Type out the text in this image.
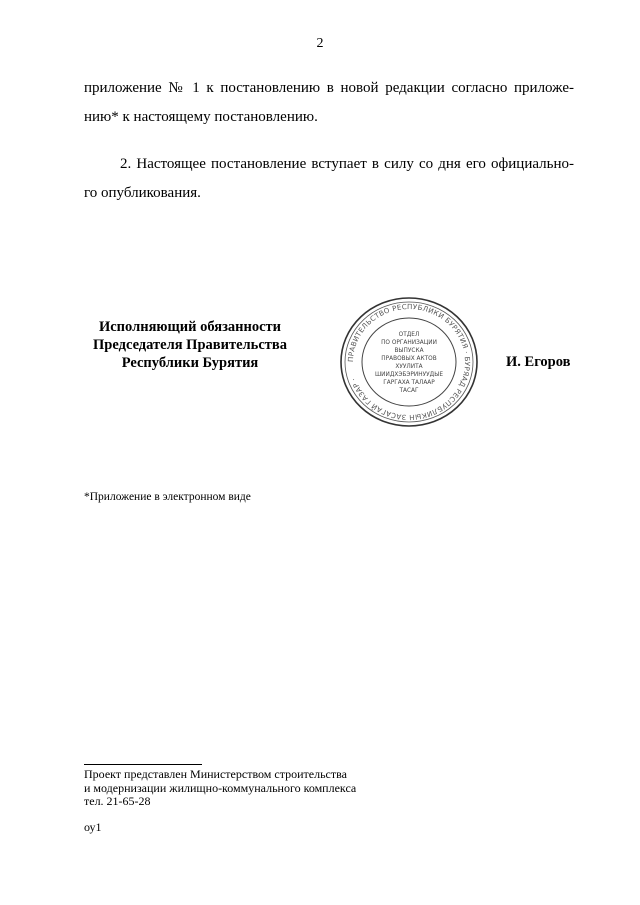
2
приложение № 1 к постановлению в новой редакции согласно приложе-
нию* к настоящему постановлению.
2. Настоящее постановление вступает в силу со дня его официально-
го опубликования.
Исполняющий обязанности
Председателя Правительства
Республики Бурятия	ПРАВИТЕЛЬСТВО РЕСПУБЛИКИ БУРЯТИЯ · БУРЯАД РЕСПУБЛИКЫН ЗАСАГАЙ ГАЗАР ·
ОТДЕЛ
ПО ОРГАНИЗАЦИИ
ВЫПУСКА
ПРАВОВЫХ АКТОВ
ХУУЛИТА
ШИИДХЭБЭРИНУУДЫЕ
ГАРГАХА ТАЛААР
ТАСАГ
И. Егоров
*Приложение в электронном виде
Проект представлен Министерством строительства
и модернизации жилищно-коммунального комплекса
тел. 21-65-28
оу1
